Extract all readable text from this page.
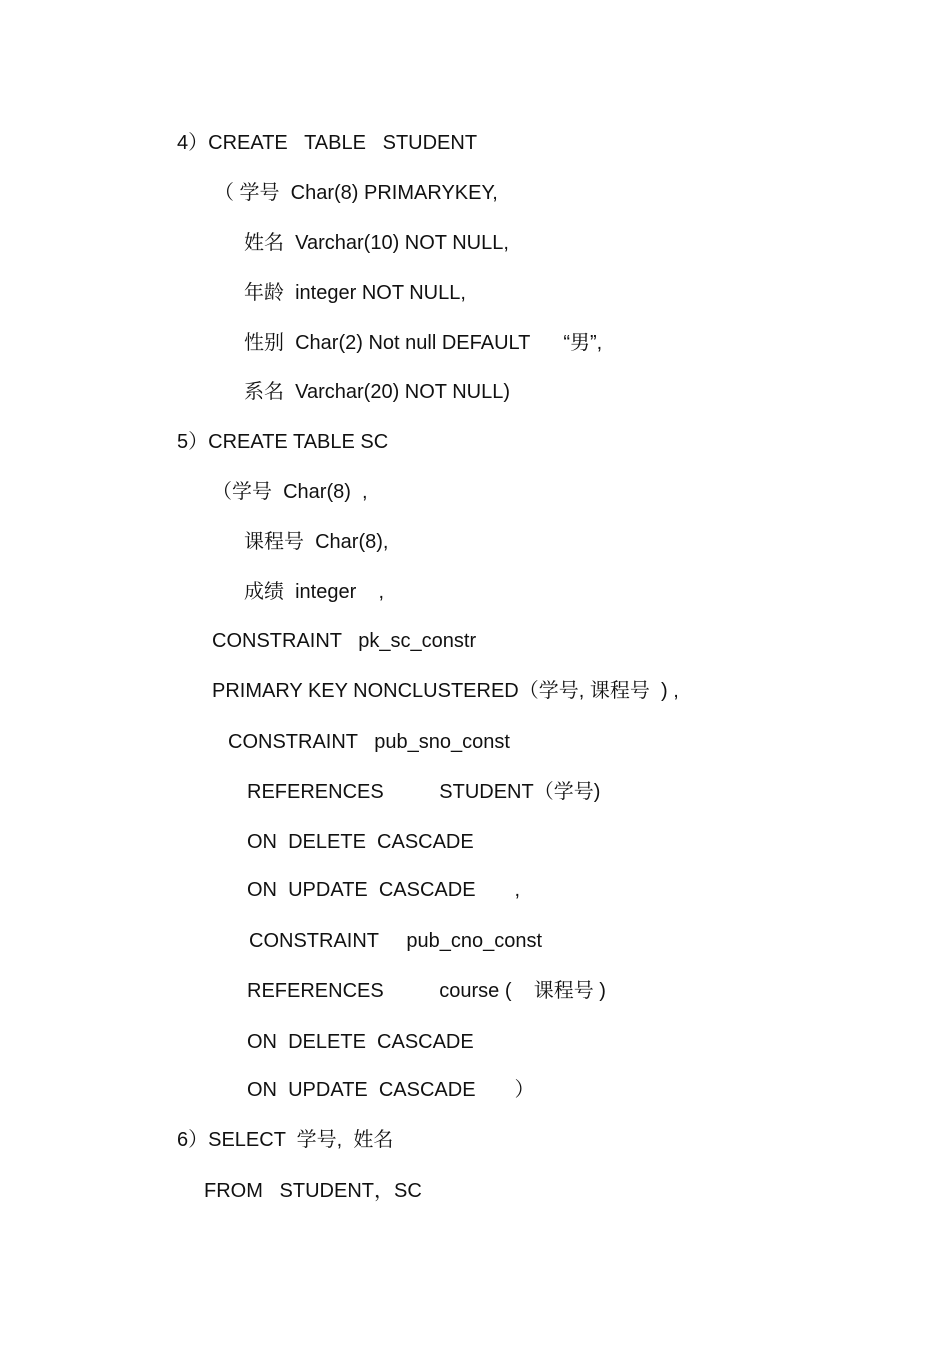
4）CREATE   TABLE   STUDENT
（ 学号  Char(8) PRIMARYKEY,
姓名  Varchar(10) NOT NULL,
年龄  integer NOT NULL,
性别  Char(2) Not null DEFAULT      “男”,
系名  Varchar(20) NOT NULL)
5）CREATE TABLE SC
（学号  Char(8)  ,
课程号  Char(8),
成绩  integer    ,
CONSTRAINT   pk_sc_constr
PRIMARY KEY NONCLUSTERED（学号, 课程号  ) ,
CONSTRAINT   pub_sno_const
REFERENCES          STUDENT（学号)
ON  DELETE  CASCADE
ON  UPDATE  CASCADE       ,
CONSTRAINT     pub_cno_const
REFERENCES          course (    课程号 )
ON  DELETE  CASCADE
ON  UPDATE  CASCADE       ）
6）SELECT  学号,  姓名
FROM   STUDENT，SC
